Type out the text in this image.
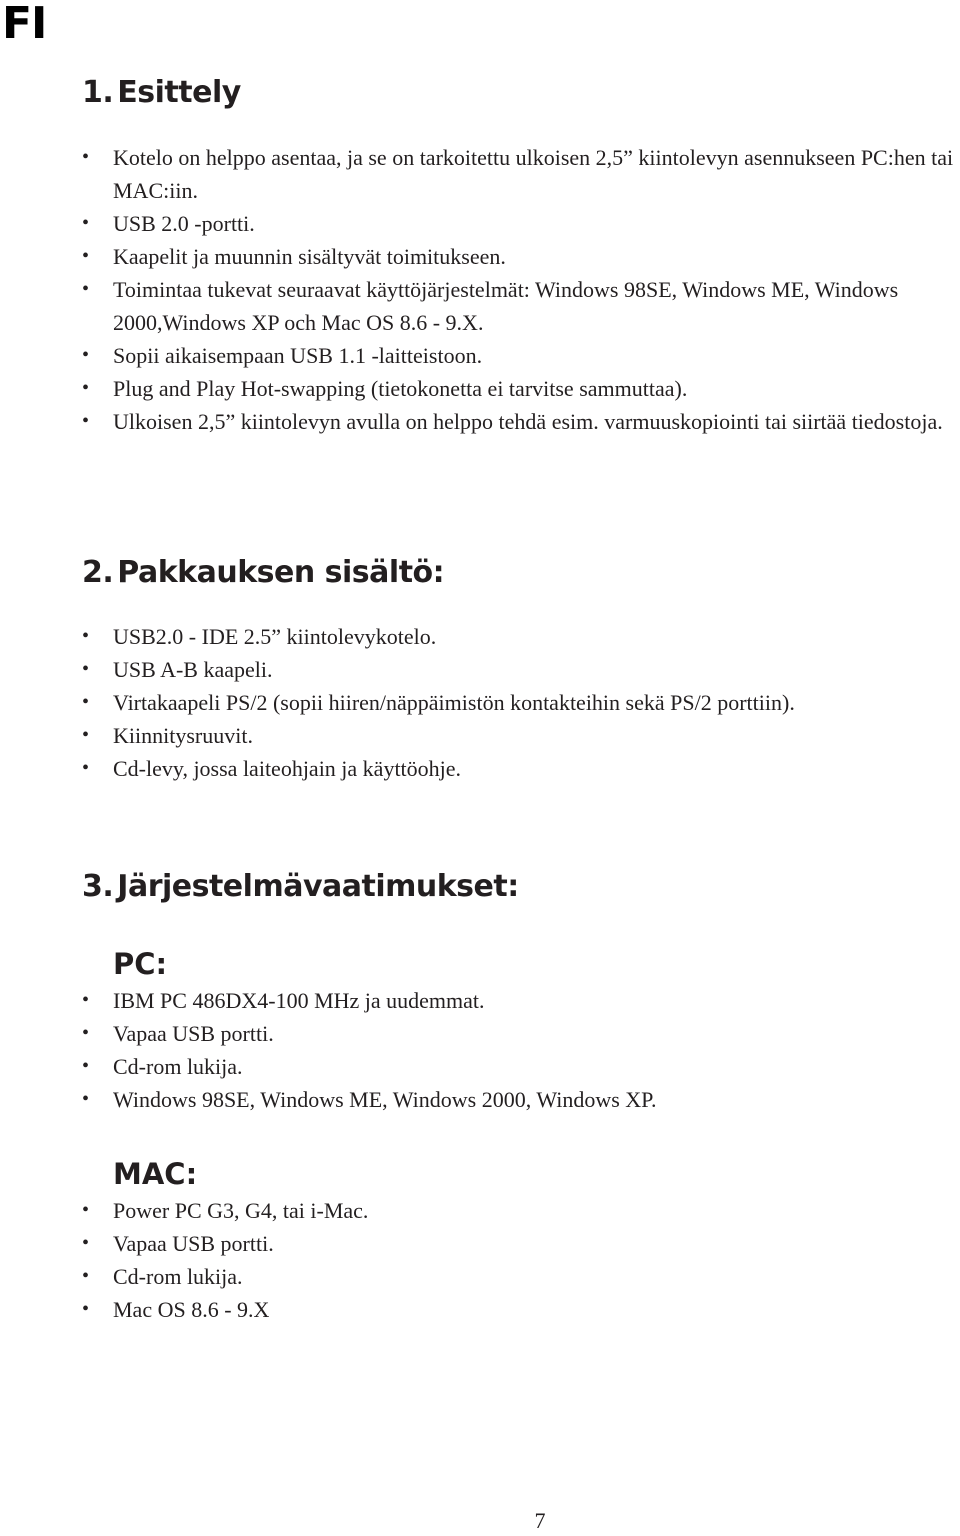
FI
1. Esittely
• Kotelo on helppo asentaa, ja se on tarkoitettu ulkoisen 2,5” kiintolevyn asennukseen PC:hen tai MAC:iin.
• USB 2.0 -portti.
• Kaapelit ja muunnin sisältyvät toimitukseen.
• Toimintaa tukevat seuraavat käyttöjärjestelmät: Windows 98SE, Windows ME, Windows 2000,Windows XP och Mac OS 8.6 - 9.X.
• Sopii aikaisempaan USB 1.1 -laitteistoon.
• Plug and Play Hot-swapping (tietokonetta ei tarvitse sammuttaa).
• Ulkoisen 2,5” kiintolevyn avulla on helppo tehdä esim. varmuuskopiointi tai siirtää tiedostoja.
2. Pakkauksen sisältö:
• USB2.0 - IDE 2.5” kiintolevykotelo.
• USB A-B kaapeli.
• Virtakaapeli PS/2 (sopii hiiren/näppäimistön kontakteihin sekä PS/2 porttiin).
• Kiinnitysruuvit.
• Cd-levy, jossa laiteohjain ja käyttöohje.
3. Järjestelmävaatimukset:
PC:
• IBM PC 486DX4-100 MHz ja uudemmat.
• Vapaa USB portti.
• Cd-rom lukija.
• Windows 98SE, Windows ME, Windows 2000, Windows XP.
MAC:
• Power PC G3, G4, tai i-Mac.
• Vapaa USB portti.
• Cd-rom lukija.
• Mac OS 8.6 - 9.X
7
